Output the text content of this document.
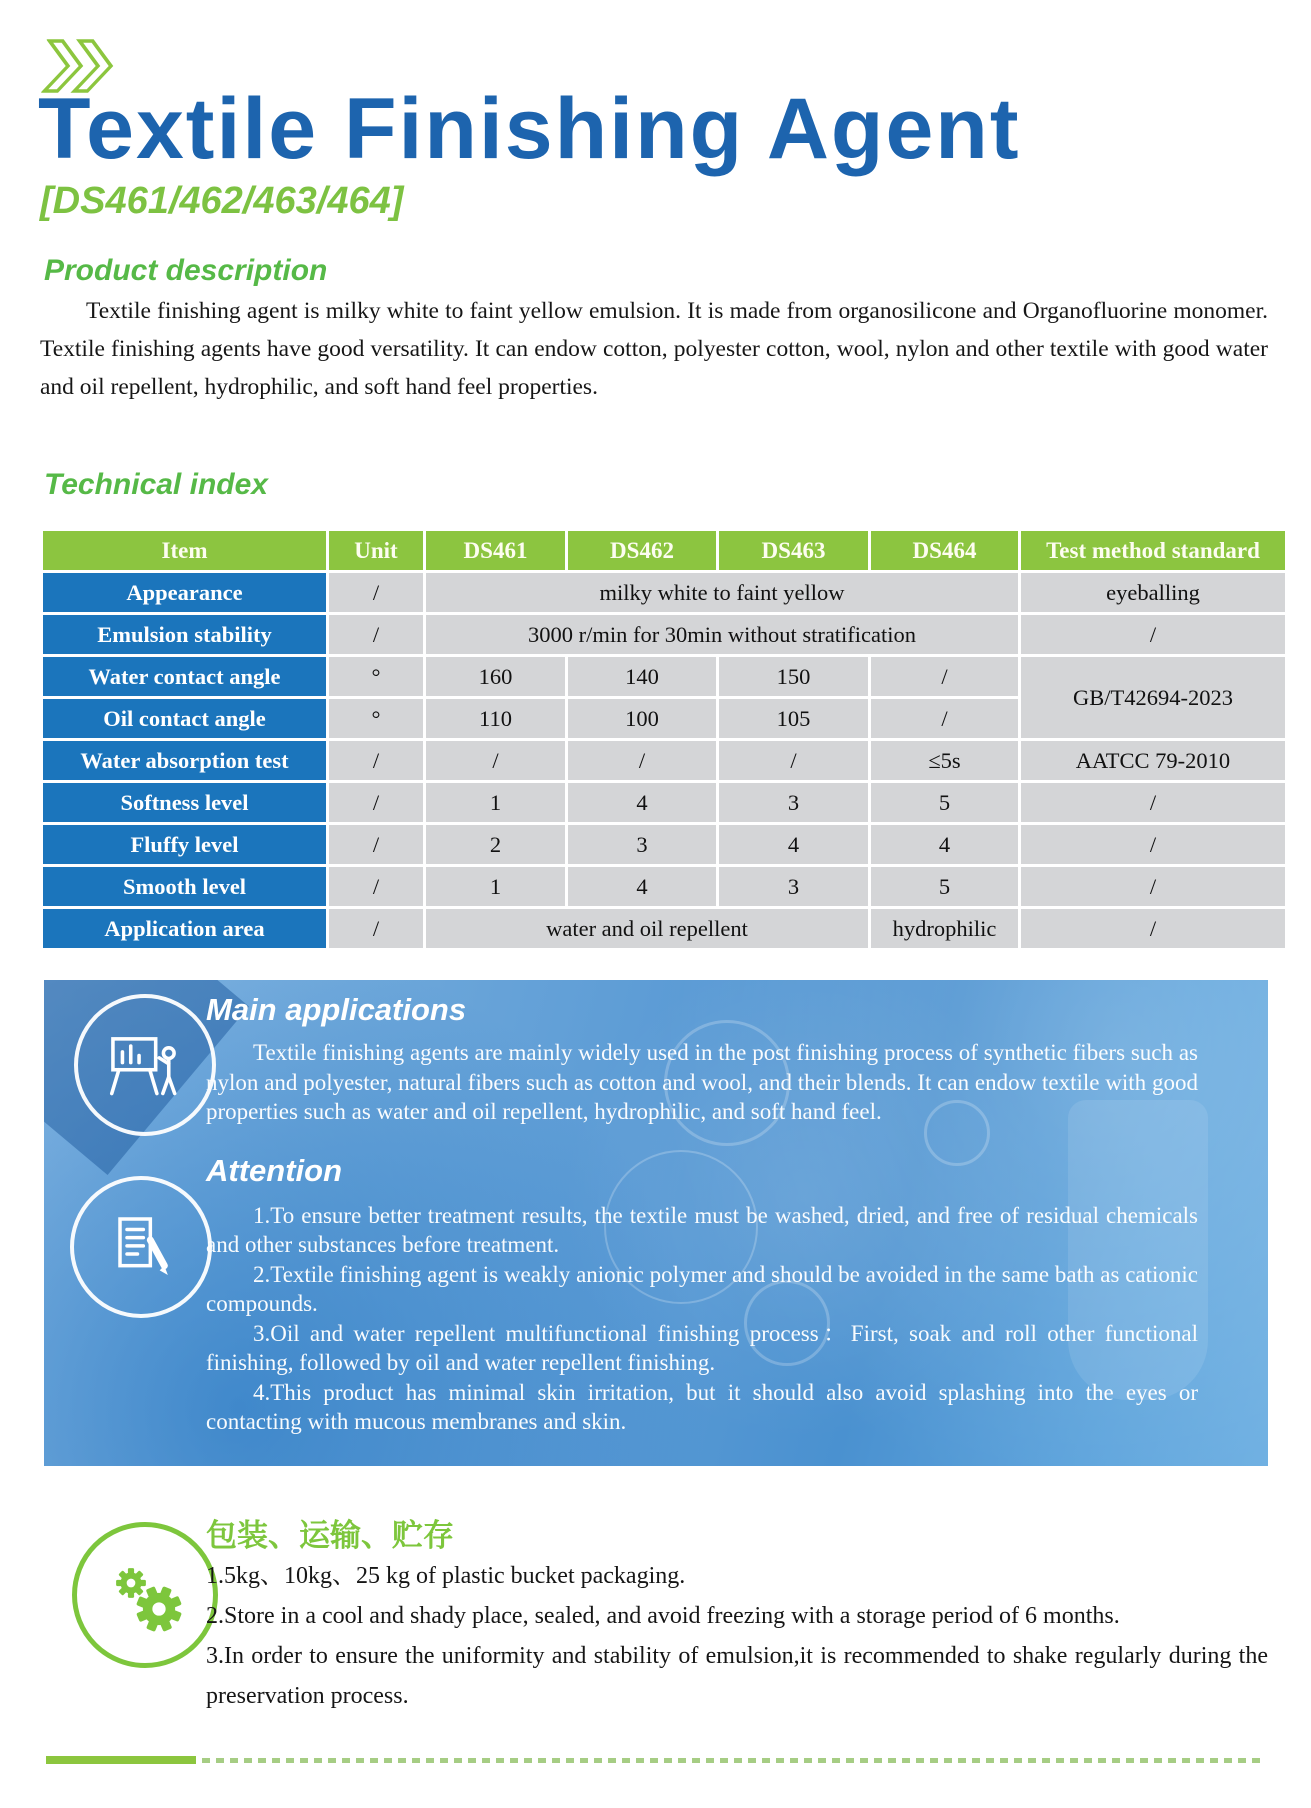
Textile Finishing Agent
[DS461/462/463/464]
Product description

Textile finishing agent is milky white to faint yellow emulsion. It is made from organosilicone and Organofluorine monomer. Textile finishing agents have good versatility. It can endow cotton, polyester cotton, wool, nylon and other textile with good water and oil repellent, hydrophilic, and soft hand feel properties.

Technical index
Item	Unit	DS461	DS462	DS463	DS464	Test method standard
Appearance	/	milky white to faint yellow				eyeballing
Emulsion stability	/	3000 r/min for 30min without stratification				/
Water contact angle	°	160	140	150	/	GB/T42694-2023
Oil contact angle	°	110	100	105	/	
Water absorption test	/	/	/	/	≤5s	AATCC 79-2010
Softness level	/	1	4	3	5	/
Fluffy level	/	2	3	4	4	/
Smooth level	/	1	4	3	5	/
Application area	/	water and oil repellent			hydrophilic	/
Main applications

Textile finishing agents are mainly widely used in the post finishing process of synthetic fibers such as nylon and polyester, natural fibers such as cotton and wool, and their blends. It can endow textile with good properties such as water and oil repellent, hydrophilic, and soft hand feel.

Attention

1.To ensure better treatment results, the textile must be washed, dried, and free of residual chemicals and other substances before treatment.

2.Textile finishing agent is weakly anionic polymer and should be avoided in the same bath as cationic compounds.

3.Oil and water repellent multifunctional finishing process：First, soak and roll other functional finishing, followed by oil and water repellent finishing.

4.This product has minimal skin irritation, but it should also avoid splashing into the eyes or contacting with mucous membranes and skin.

包装、运输、贮存

1.5kg、10kg、25 kg of plastic bucket packaging.

2.Store in a cool and shady place, sealed, and avoid freezing with a storage period of 6 months.

3.In order to ensure the uniformity and stability of emulsion,it is recommended to shake regularly during the preservation process.
